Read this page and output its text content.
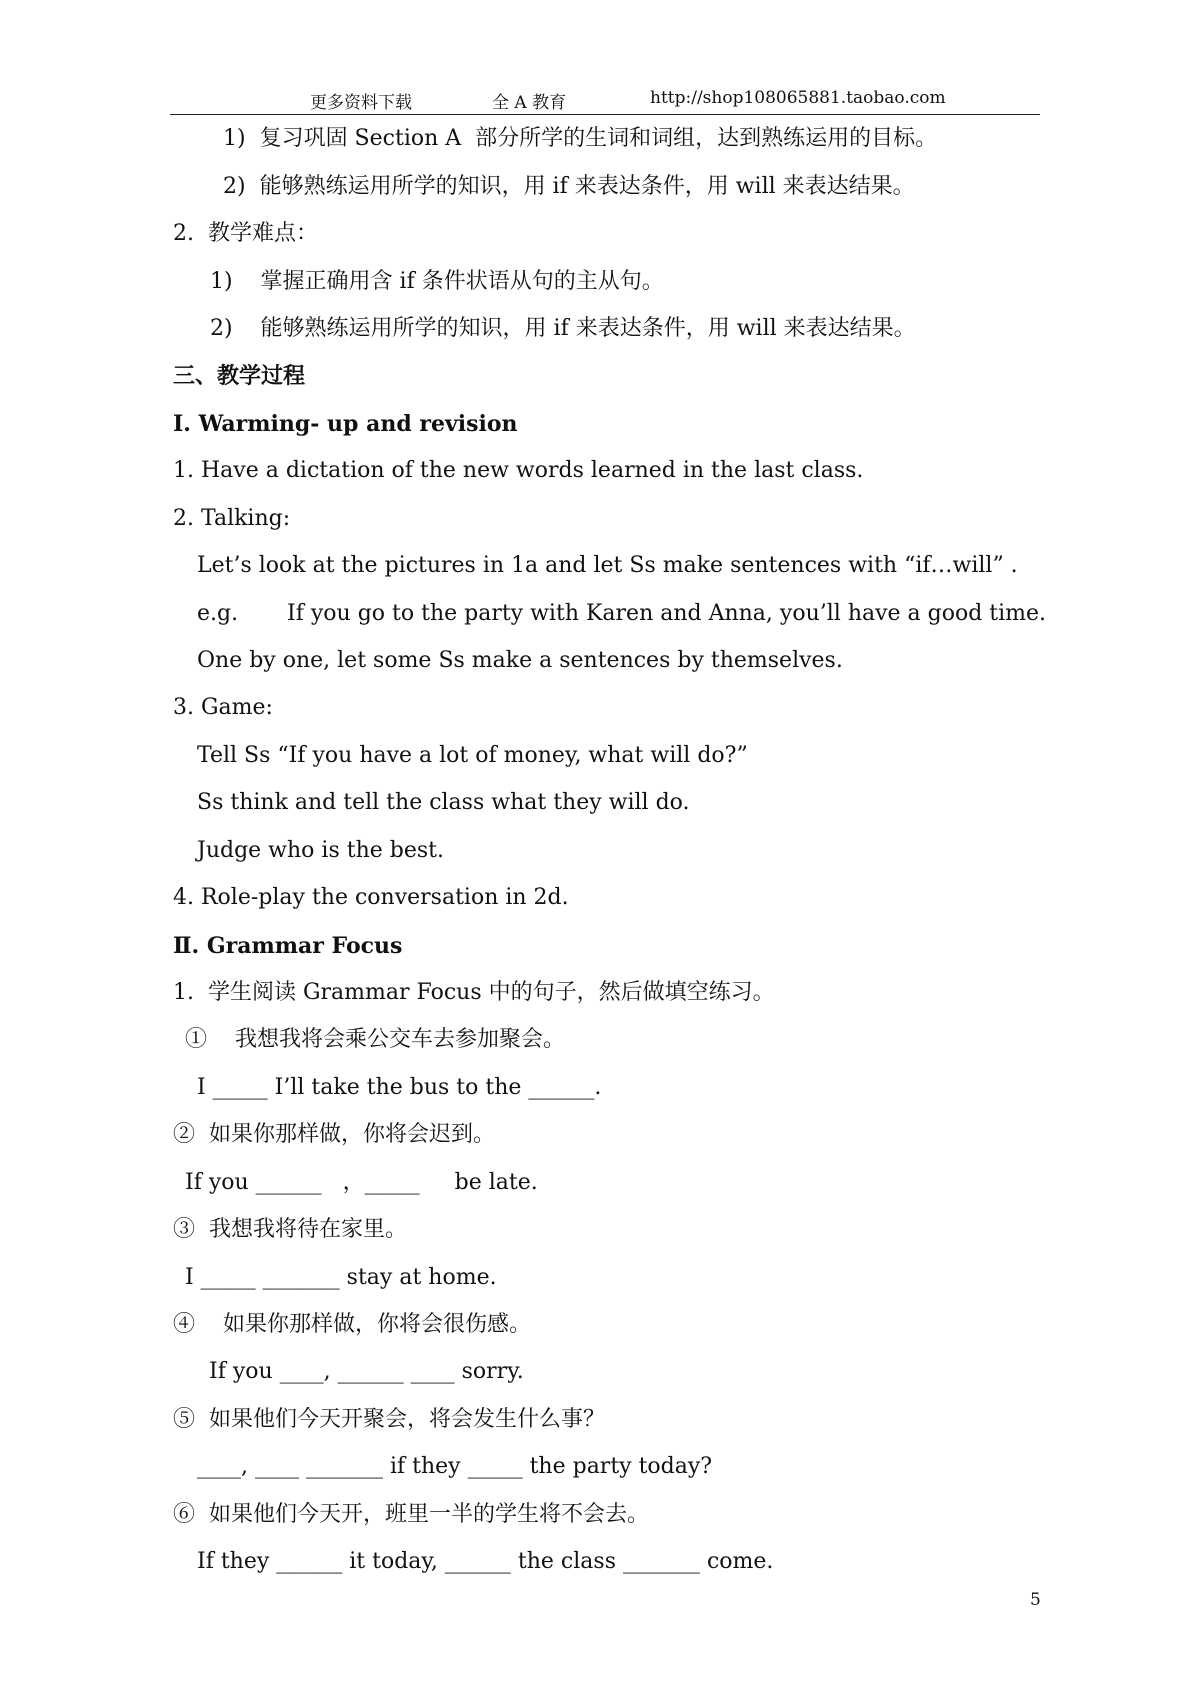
更多资料下载	全 A 教育	http://shop108065881.taobao.com
1)  复习巩固 Section A  部分所学的生词和词组，达到熟练运用的目标。
2)  能够熟练运用所学的知识，用 if 来表达条件，用 will 来表达结果。
2.  教学难点：
1)    掌握正确用含 if 条件状语从句的主从句。
2)    能够熟练运用所学的知识，用 if 来表达条件，用 will 来表达结果。
三、教学过程
Ⅰ. Warming- up and revision
1. Have a dictation of the new words learned in the last class.
2. Talking:
Let’s look at the pictures in 1a and let Ss make sentences with “if…will” .
e.g.       If you go to the party with Karen and Anna, you’ll have a good time.
One by one, let some Ss make a sentences by themselves.
3. Game:
Tell Ss “If you have a lot of money, what will do?”
Ss think and tell the class what they will do.
Judge who is the best.
4. Role-play the conversation in 2d.
Ⅱ. Grammar Focus
1.  学生阅读 Grammar Focus 中的句子，然后做填空练习。
①    我想我将会乘公交车去参加聚会。
I _____ I’ll take the bus to the ______.
②  如果你那样做，你将会迟到。
If you ______   ，_____     be late.
③  我想我将待在家里。
I _____ _______ stay at home.
④    如果你那样做，你将会很伤感。
If you ____, ______ ____ sorry.
⑤  如果他们今天开聚会，将会发生什么事？
____, ____ _______ if they _____ the party today?
⑥  如果他们今天开，班里一半的学生将不会去。
If they ______ it today, ______ the class _______ come.
5
